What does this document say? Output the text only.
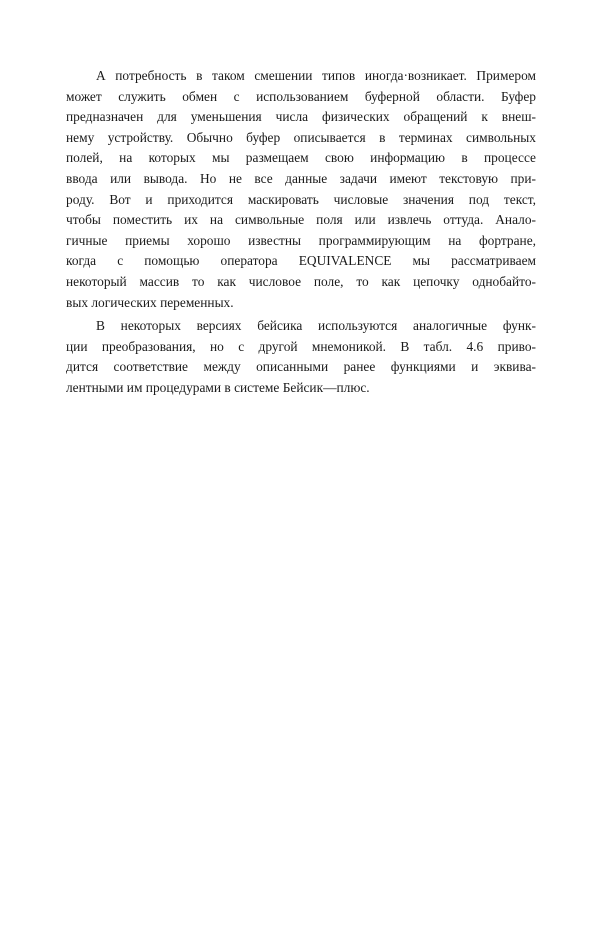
А потребность в таком смешении типов иногда·возникает. Примером
может служить обмен с использованием буферной области. Буфер
предназначен для уменьшения числа физических обращений к внеш-
нему устройству. Обычно буфер описывается в терминах символьных
полей, на которых мы размещаем свою информацию в процессе
ввода или вывода. Но не все данные задачи имеют текстовую при-
роду. Вот и приходится маскировать числовые значения под текст,
чтобы поместить их на символьные поля или извлечь оттуда. Анало-
гичные приемы хорошо известны программирующим на фортране,
когда с помощью оператора EQUIVALENCE мы рассматриваем
некоторый массив то как числовое поле, то как цепочку однобайто-
вых логических переменных.
В некоторых версиях бейсика используются аналогичные функ-
ции преобразования, но с другой мнемоникой. В табл. 4.6 приво-
дится соответствие между описанными ранее функциями и эквива-
лентными им процедурами в системе Бейсик—плюс.
